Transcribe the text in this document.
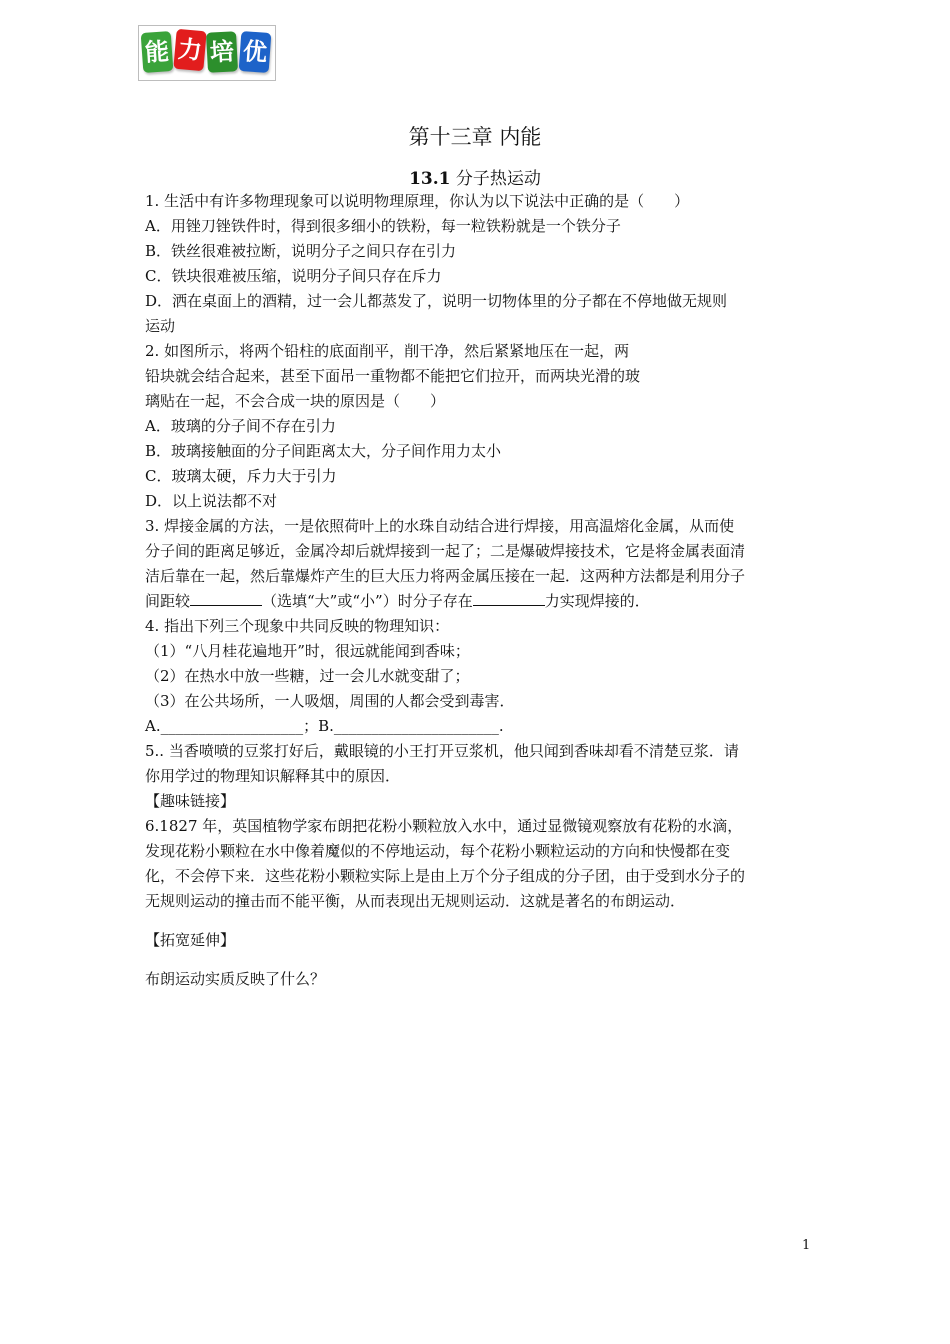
能 力 培 优
第十三章 内能
13.1 分子热运动
1. 生活中有许多物理现象可以说明物理原理，你认为以下说法中正确的是（　　）
A．用锉刀锉铁件时，得到很多细小的铁粉，每一粒铁粉就是一个铁分子
B．铁丝很难被拉断，说明分子之间只存在引力
C．铁块很难被压缩，说明分子间只存在斥力
D．洒在桌面上的酒精，过一会儿都蒸发了，说明一切物体里的分子都在不停地做无规则
运动
2. 如图所示，将两个铅柱的底面削平，削干净，然后紧紧地压在一起，两
铅块就会结合起来，甚至下面吊一重物都不能把它们拉开，而两块光滑的玻
璃贴在一起，不会合成一块的原因是（　　）
A．玻璃的分子间不存在引力
B．玻璃接触面的分子间距离太大，分子间作用力太小
C．玻璃太硬，斥力大于引力
D．以上说法都不对
3. 焊接金属的方法，一是依照荷叶上的水珠自动结合进行焊接，用高温熔化金属，从而使
分子间的距离足够近，金属冷却后就焊接到一起了；二是爆破焊接技术，它是将金属表面清
洁后靠在一起，然后靠爆炸产生的巨大压力将两金属压接在一起．这两种方法都是利用分子
间距较	（选填“大”或“小”）时分子存在	力实现焊接的．
4. 指出下列三个现象中共同反映的物理知识：
（1）“八月桂花遍地开”时，很远就能闻到香味；
（2）在热水中放一些糖，过一会儿水就变甜了；
（3）在公共场所，一人吸烟，周围的人都会受到毒害．
A.___________________；B.______________________.
5.. 当香喷喷的豆浆打好后，戴眼镜的小王打开豆浆机，他只闻到香味却看不清楚豆浆．请
你用学过的物理知识解释其中的原因．
【趣味链接】
6.1827 年，英国植物学家布朗把花粉小颗粒放入水中，通过显微镜观察放有花粉的水滴，
发现花粉小颗粒在水中像着魔似的不停地运动，每个花粉小颗粒运动的方向和快慢都在变
化，不会停下来．这些花粉小颗粒实际上是由上万个分子组成的分子团，由于受到水分子的
无规则运动的撞击而不能平衡，从而表现出无规则运动．这就是著名的布朗运动．
【拓宽延伸】
布朗运动实质反映了什么？
1
